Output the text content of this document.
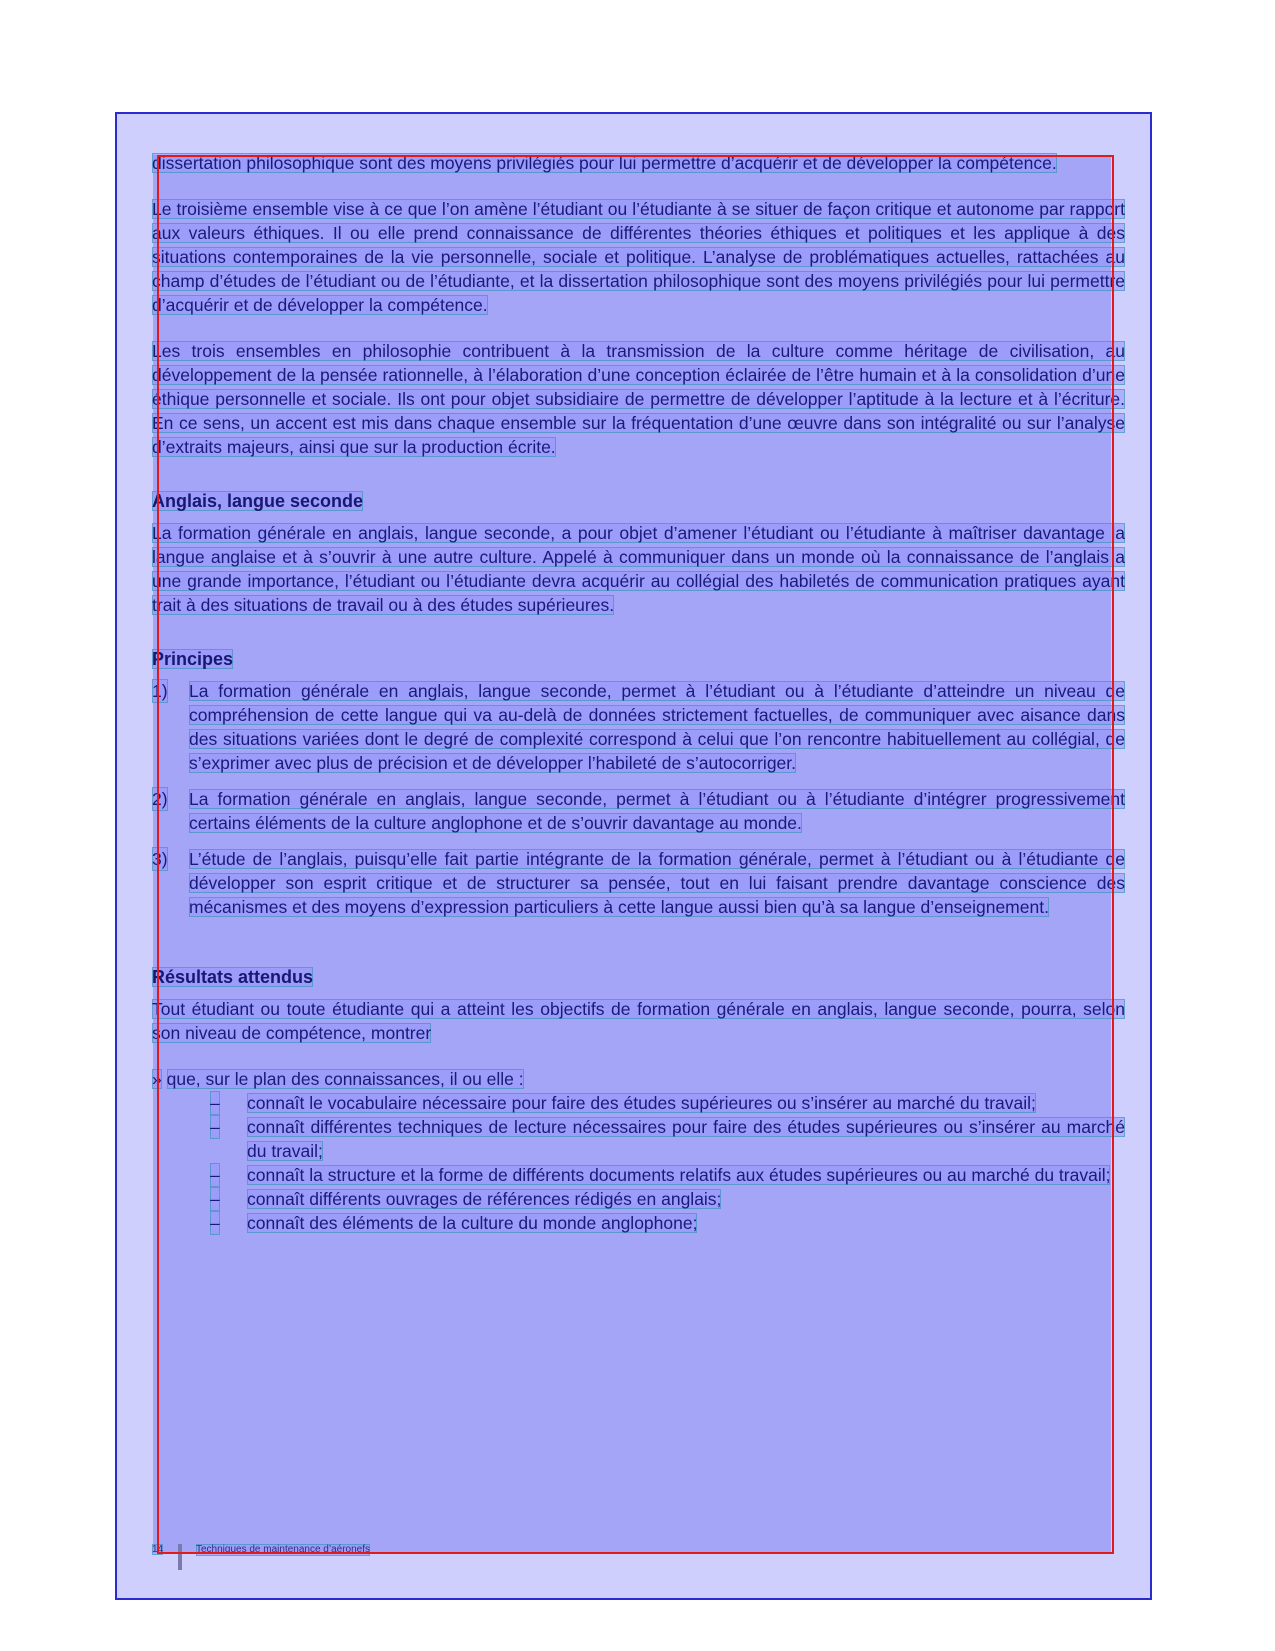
dissertation philosophique sont des moyens privilégiés pour lui permettre d’acquérir et de développer la compétence.

Le troisième ensemble vise à ce que l’on amène l’étudiant ou l’étudiante à se situer de façon critique et autonome par rapport aux valeurs éthiques. Il ou elle prend connaissance de différentes théories éthiques et politiques et les applique à des situations contemporaines de la vie personnelle, sociale et politique. L’analyse de problématiques actuelles, rattachées au champ d’études de l’étudiant ou de l’étudiante, et la dissertation philosophique sont des moyens privilégiés pour lui permettre d’acquérir et de développer la compétence.

Les trois ensembles en philosophie contribuent à la transmission de la culture comme héritage de civilisation, au développement de la pensée rationnelle, à l’élaboration d’une conception éclairée de l’être humain et à la consolidation d’une éthique personnelle et sociale. Ils ont pour objet subsidiaire de permettre de développer l’aptitude à la lecture et à l’écriture. En ce sens, un accent est mis dans chaque ensemble sur la fréquentation d’une œuvre dans son intégralité ou sur l’analyse d’extraits majeurs, ainsi que sur la production écrite.

Anglais, langue seconde

La formation générale en anglais, langue seconde, a pour objet d’amener l’étudiant ou l’étudiante à maîtriser davantage la langue anglaise et à s’ouvrir à une autre culture. Appelé à communiquer dans un monde où la connaissance de l’anglais a une grande importance, l’étudiant ou l’étudiante devra acquérir au collégial des habiletés de communication pratiques ayant trait à des situations de travail ou à des études supérieures.

Principes
1) La formation générale en anglais, langue seconde, permet à l’étudiant ou à l’étudiante d’atteindre un niveau de compréhension de cette langue qui va au-delà de données strictement factuelles, de communiquer avec aisance dans des situations variées dont le degré de complexité correspond à celui que l’on rencontre habituellement au collégial, de s’exprimer avec plus de précision et de développer l’habileté de s’autocorriger.
2) La formation générale en anglais, langue seconde, permet à l’étudiant ou à l’étudiante d’intégrer progressivement certains éléments de la culture anglophone et de s’ouvrir davantage au monde.
3) L’étude de l’anglais, puisqu’elle fait partie intégrante de la formation générale, permet à l’étudiant ou à l’étudiante de développer son esprit critique et de structurer sa pensée, tout en lui faisant prendre davantage conscience des mécanismes et des moyens d’expression particuliers à cette langue aussi bien qu’à sa langue d’enseignement.
Résultats attendus

Tout étudiant ou toute étudiante qui a atteint les objectifs de formation générale en anglais, langue seconde, pourra, selon son niveau de compétence, montrer

» que, sur le plan des connaissances, il ou elle :

– connaît le vocabulaire nécessaire pour faire des études supérieures ou s’insérer au marché du travail;
– connaît différentes techniques de lecture nécessaires pour faire des études supérieures ou s’insérer au marché du travail;
– connaît la structure et la forme de différents documents relatifs aux études supérieures ou au marché du travail;
– connaît différents ouvrages de références rédigés en anglais;
– connaît des éléments de la culture du monde anglophone;
14	Techniques de maintenance d’aéronefs
